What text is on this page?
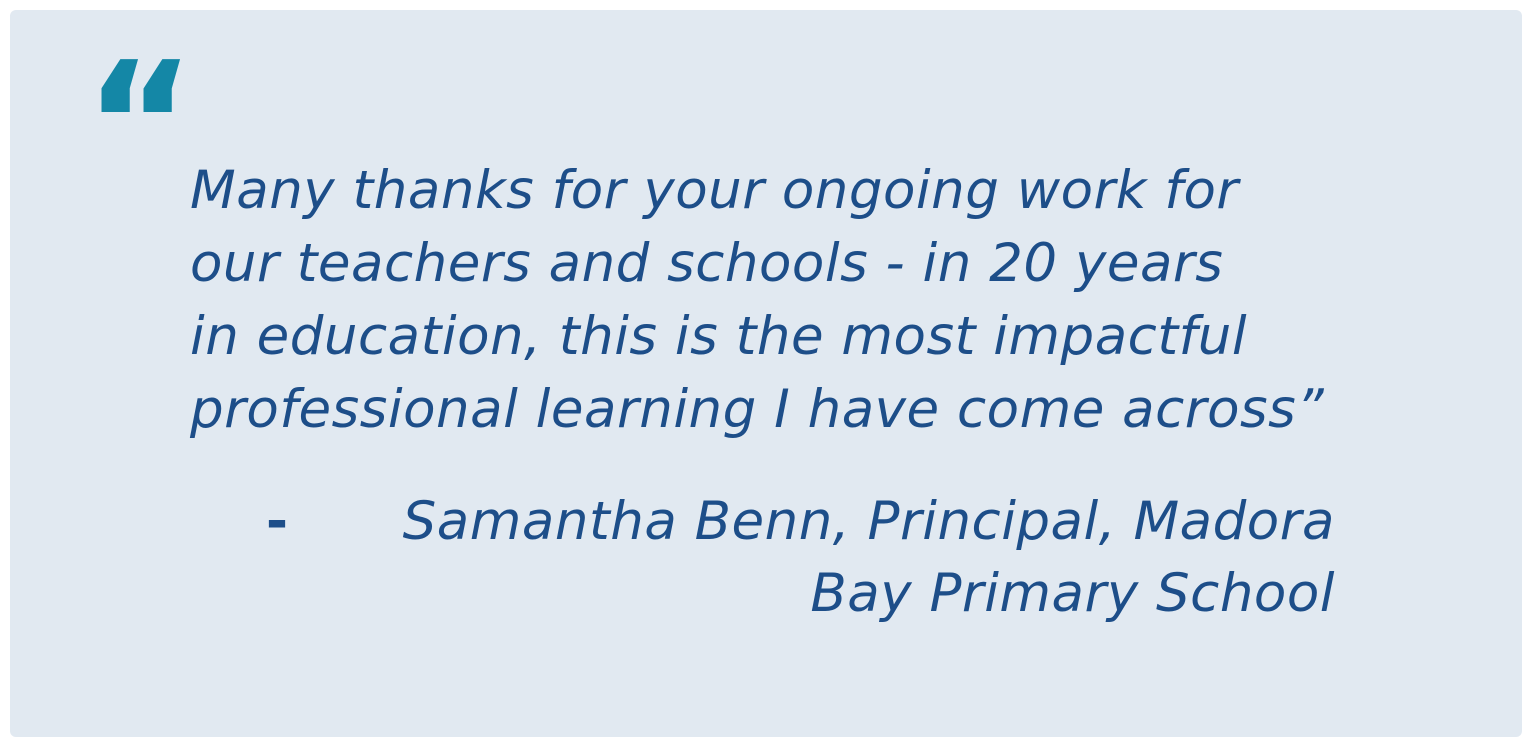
“
Many thanks for your ongoing work for
our teachers and schools - in 20 years
in education, this is the most impactful
professional learning I have come across”
-	Samantha Benn, Principal, Madora
Bay Primary School
